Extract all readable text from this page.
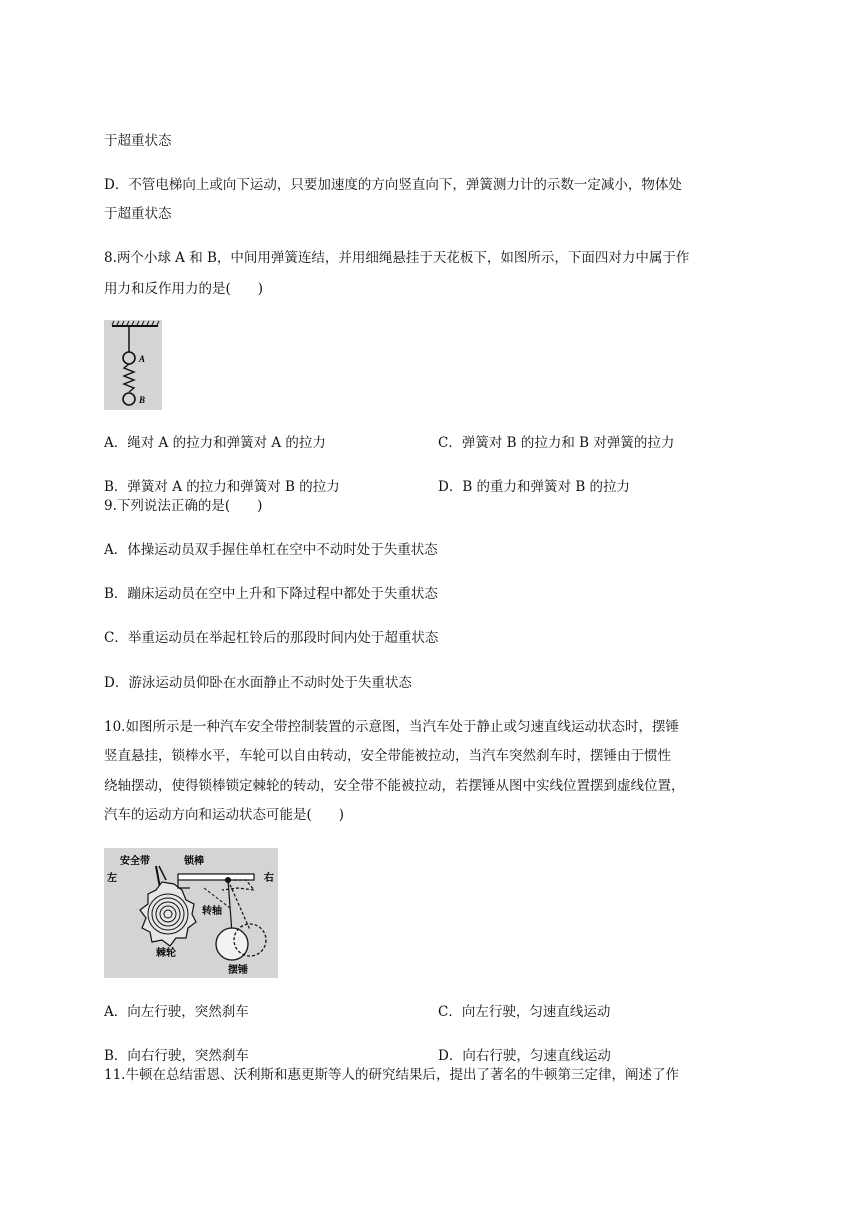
于超重状态
D．不管电梯向上或向下运动，只要加速度的方向竖直向下，弹簧测力计的示数一定减小，物体处
于超重状态
8.两个小球 A 和 B，中间用弹簧连结，并用细绳悬挂于天花板下，如图所示，下面四对力中属于作
用力和反作用力的是(　　)
A
B
A．绳对 A 的拉力和弹簧对 A 的拉力	C．弹簧对 B 的拉力和 B 对弹簧的拉力
B．弹簧对 A 的拉力和弹簧对 B 的拉力	D．B 的重力和弹簧对 B 的拉力
9.下列说法正确的是(　　)
A．体操运动员双手握住单杠在空中不动时处于失重状态
B．蹦床运动员在空中上升和下降过程中都处于失重状态
C．举重运动员在举起杠铃后的那段时间内处于超重状态
D．游泳运动员仰卧在水面静止不动时处于失重状态
10.如图所示是一种汽车安全带控制装置的示意图，当汽车处于静止或匀速直线运动状态时，摆锤
竖直悬挂，锁棒水平，车轮可以自由转动，安全带能被拉动，当汽车突然刹车时，摆锤由于惯性
绕轴摆动，使得锁棒锁定棘轮的转动，安全带不能被拉动，若摆锤从图中实线位置摆到虚线位置，
汽车的运动方向和运动状态可能是(　　)
安全带	锁棒
左	右
转轴
棘轮
摆锤
A．向左行驶，突然刹车	C．向左行驶，匀速直线运动
B．向右行驶，突然刹车	D．向右行驶，匀速直线运动
11.牛顿在总结雷恩、沃利斯和惠更斯等人的研究结果后，提出了著名的牛顿第三定律，阐述了作
